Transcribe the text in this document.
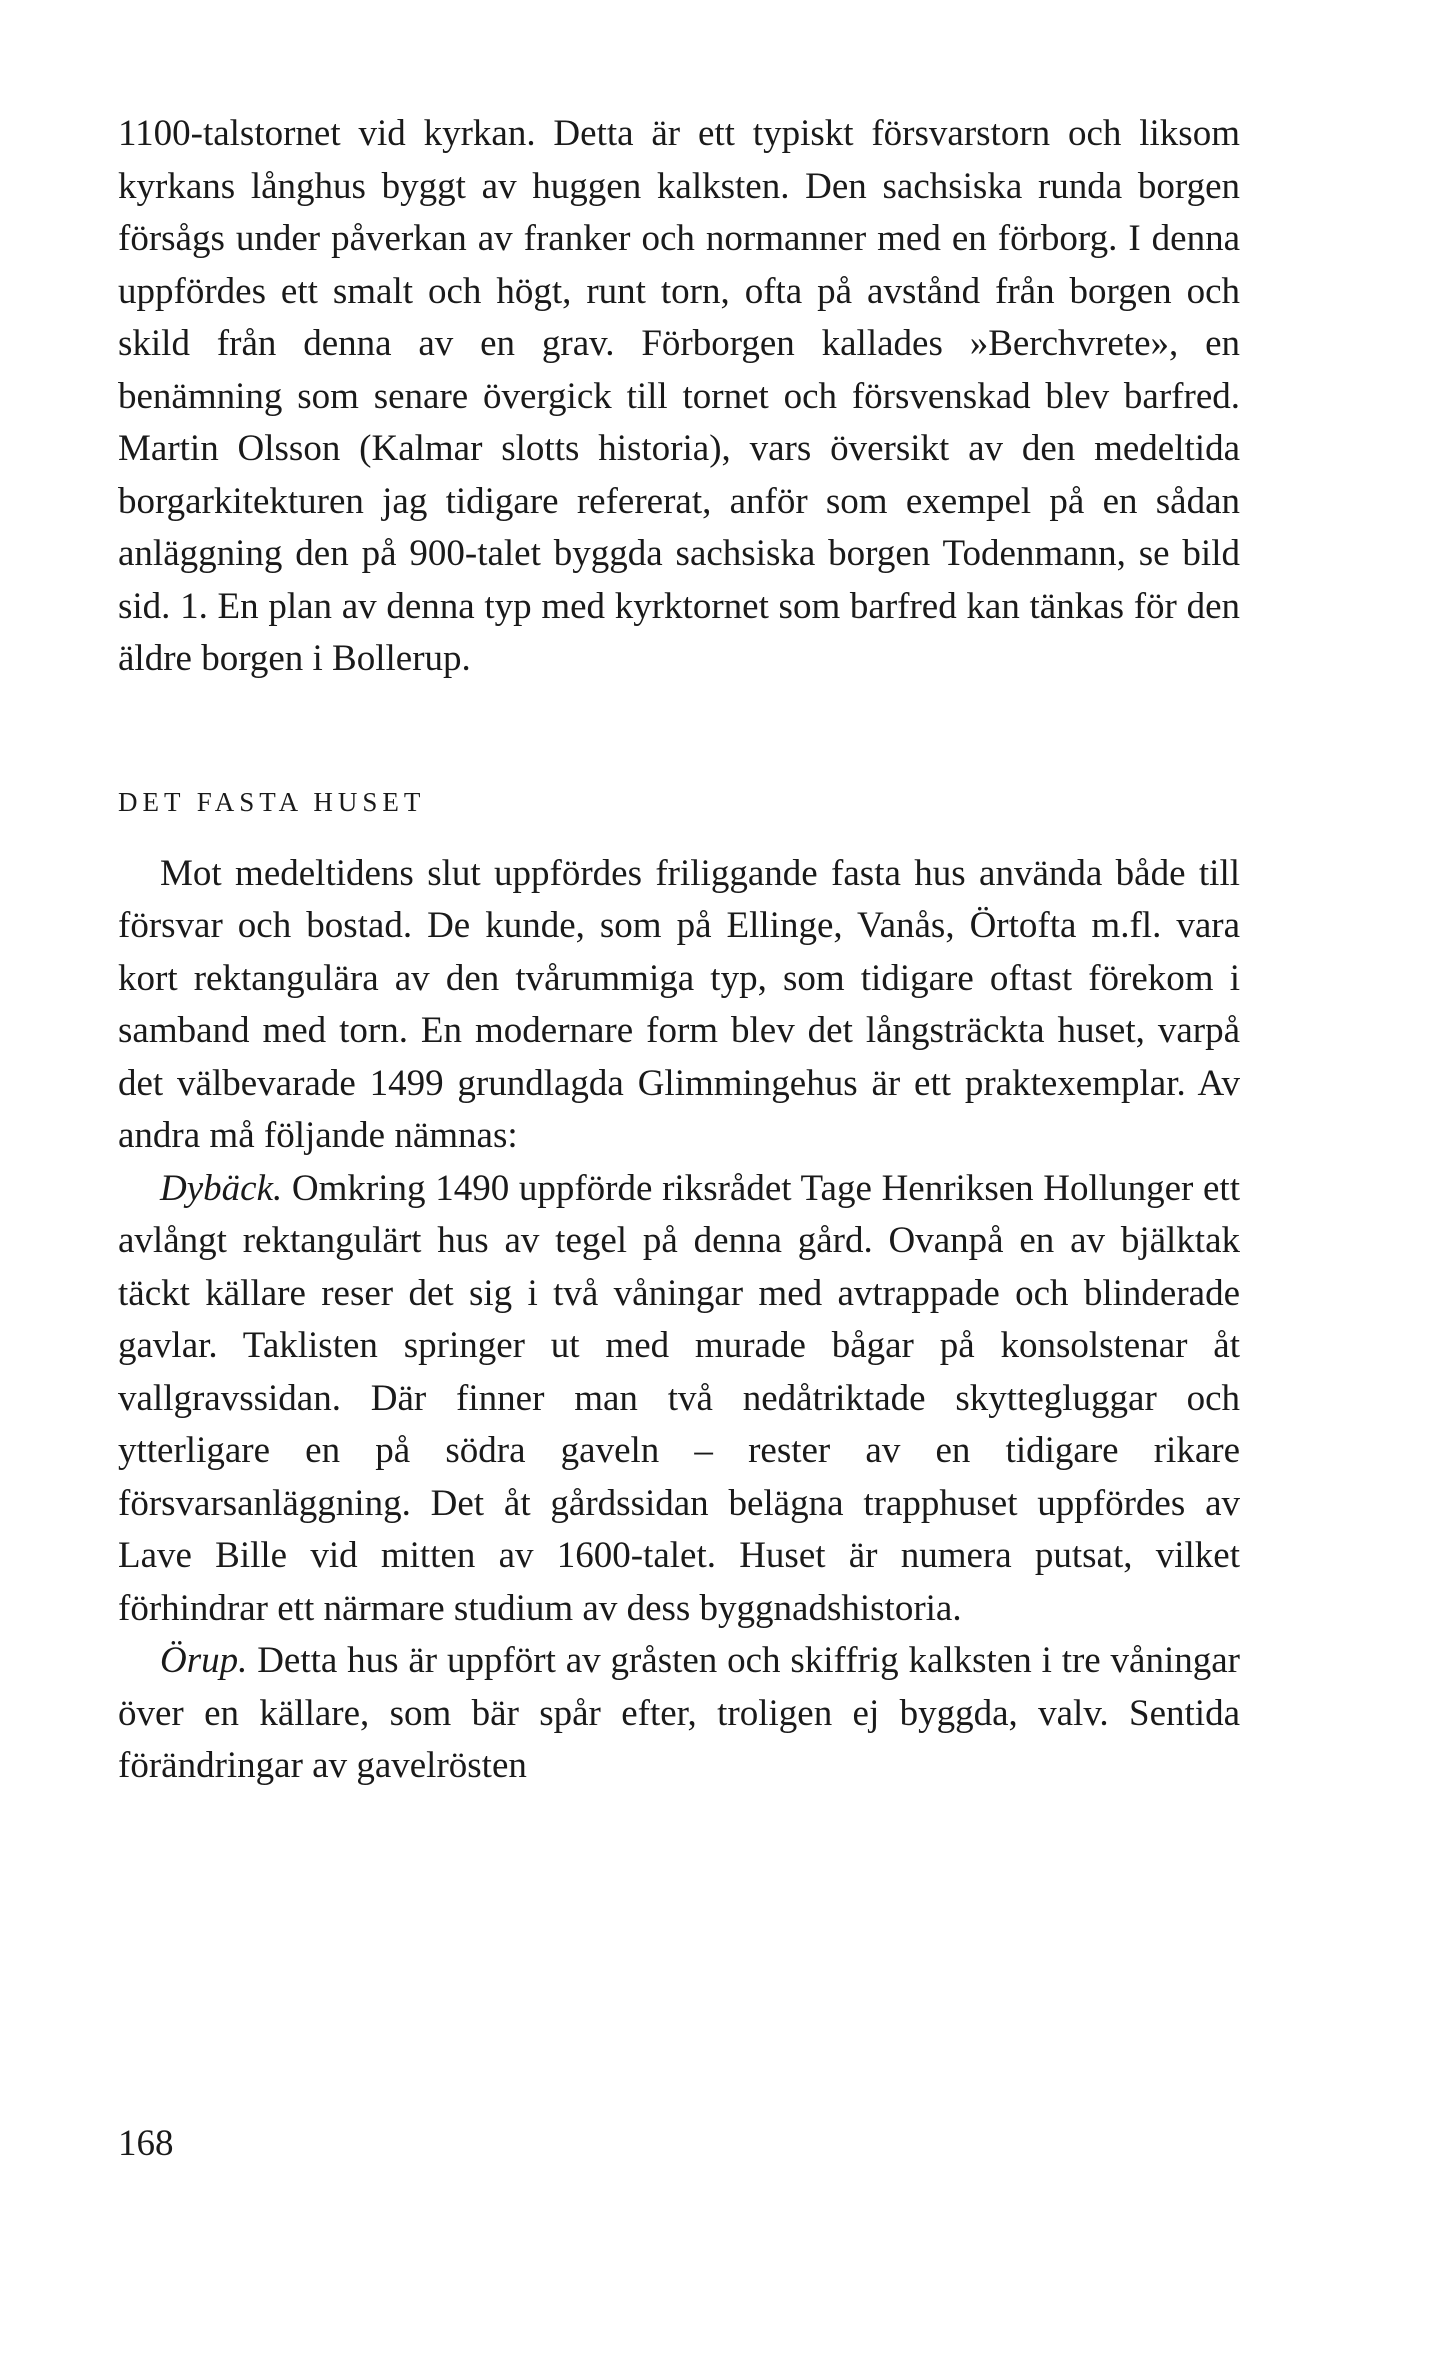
1100-talstornet vid kyrkan. Detta är ett typiskt försvarstorn och liksom kyrkans långhus byggt av huggen kalksten. Den sachsiska runda borgen försågs under påverkan av franker och normanner med en förborg. I denna uppfördes ett smalt och högt, runt torn, ofta på avstånd från borgen och skild från denna av en grav. Förborgen kallades »Berchvrete», en benämning som senare övergick till tornet och försvenskad blev barfred. Martin Olsson (Kalmar slotts historia), vars översikt av den medeltida borgarkitekturen jag tidigare refererat, anför som exempel på en sådan anläggning den på 900-talet byggda sachsiska borgen Todenmann, se bild sid. 1. En plan av denna typ med kyrktornet som barfred kan tänkas för den äldre borgen i Bollerup.

DET FASTA HUSET

Mot medeltidens slut uppfördes friliggande fasta hus använda både till försvar och bostad. De kunde, som på Ellinge, Vanås, Örtofta m.fl. vara kort rektangulära av den tvårummiga typ, som tidigare oftast förekom i samband med torn. En modernare form blev det långsträckta huset, varpå det välbevarade 1499 grundlagda Glimmingehus är ett praktexemplar. Av andra må följande nämnas:

Dybäck. Omkring 1490 uppförde riksrådet Tage Henriksen Hollunger ett avlångt rektangulärt hus av tegel på denna gård. Ovanpå en av bjälktak täckt källare reser det sig i två våningar med avtrappade och blinderade gavlar. Taklisten springer ut med murade bågar på konsolstenar åt vallgravssidan. Där finner man två nedåtriktade skyttegluggar och ytterligare en på södra gaveln – rester av en tidigare rikare försvarsanläggning. Det åt gårdssidan belägna trapphuset uppfördes av Lave Bille vid mitten av 1600-talet. Huset är numera putsat, vilket förhindrar ett närmare studium av dess byggnadshistoria.

Örup. Detta hus är uppfört av gråsten och skiffrig kalksten i tre våningar över en källare, som bär spår efter, troligen ej byggda, valv. Sentida förändringar av gavelrösten

168
